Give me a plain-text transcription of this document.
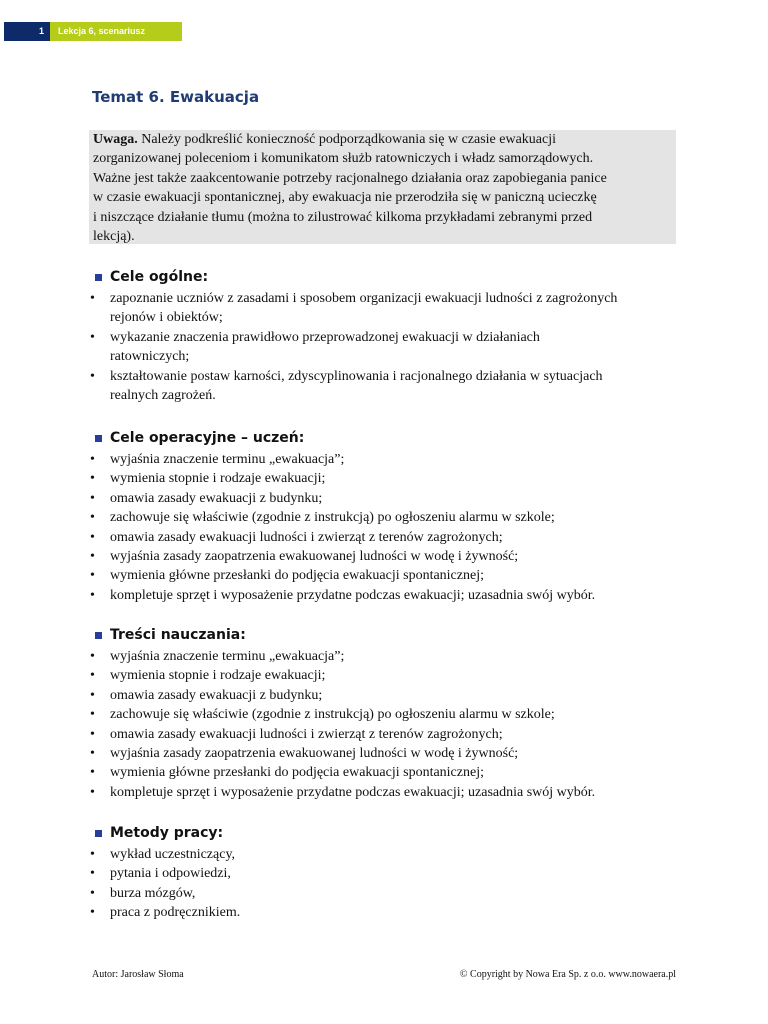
1	Lekcja 6, scenariusz
Temat 6. Ewakuacja

Uwaga. Należy podkreślić konieczność podporządkowania się w czasie ewakuacji

zorganizowanej poleceniom i komunikatom służb ratowniczych i władz samorządowych.

Ważne jest także zaakcentowanie potrzeby racjonalnego działania oraz zapobiegania panice

w czasie ewakuacji spontanicznej, aby ewakuacja nie przerodziła się w paniczną ucieczkę

i niszczące działanie tłumu (można to zilustrować kilkoma przykładami zebranymi przed

lekcją).

Cele ogólne:
• zapoznanie uczniów z zasadami i sposobem organizacji ewakuacji ludności z zagrożonych
rejonów i obiektów;
• wykazanie znaczenia prawidłowo przeprowadzonej ewakuacji w działaniach
ratowniczych;
• kształtowanie postaw karności, zdyscyplinowania i racjonalnego działania w sytuacjach
realnych zagrożeń.
Cele operacyjne – uczeń:
• wyjaśnia znaczenie terminu „ewakuacja”;
• wymienia stopnie i rodzaje ewakuacji;
• omawia zasady ewakuacji z budynku;
• zachowuje się właściwie (zgodnie z instrukcją) po ogłoszeniu alarmu w szkole;
• omawia zasady ewakuacji ludności i zwierząt z terenów zagrożonych;
• wyjaśnia zasady zaopatrzenia ewakuowanej ludności w wodę i żywność;
• wymienia główne przesłanki do podjęcia ewakuacji spontanicznej;
• kompletuje sprzęt i wyposażenie przydatne podczas ewakuacji; uzasadnia swój wybór.
Treści nauczania:
• wyjaśnia znaczenie terminu „ewakuacja”;
• wymienia stopnie i rodzaje ewakuacji;
• omawia zasady ewakuacji z budynku;
• zachowuje się właściwie (zgodnie z instrukcją) po ogłoszeniu alarmu w szkole;
• omawia zasady ewakuacji ludności i zwierząt z terenów zagrożonych;
• wyjaśnia zasady zaopatrzenia ewakuowanej ludności w wodę i żywność;
• wymienia główne przesłanki do podjęcia ewakuacji spontanicznej;
• kompletuje sprzęt i wyposażenie przydatne podczas ewakuacji; uzasadnia swój wybór.
Metody pracy:
• wykład uczestniczący,
• pytania i odpowiedzi,
• burza mózgów,
• praca z podręcznikiem.
Autor: Jarosław Słoma	© Copyright by Nowa Era Sp. z o.o. www.nowaera.pl
